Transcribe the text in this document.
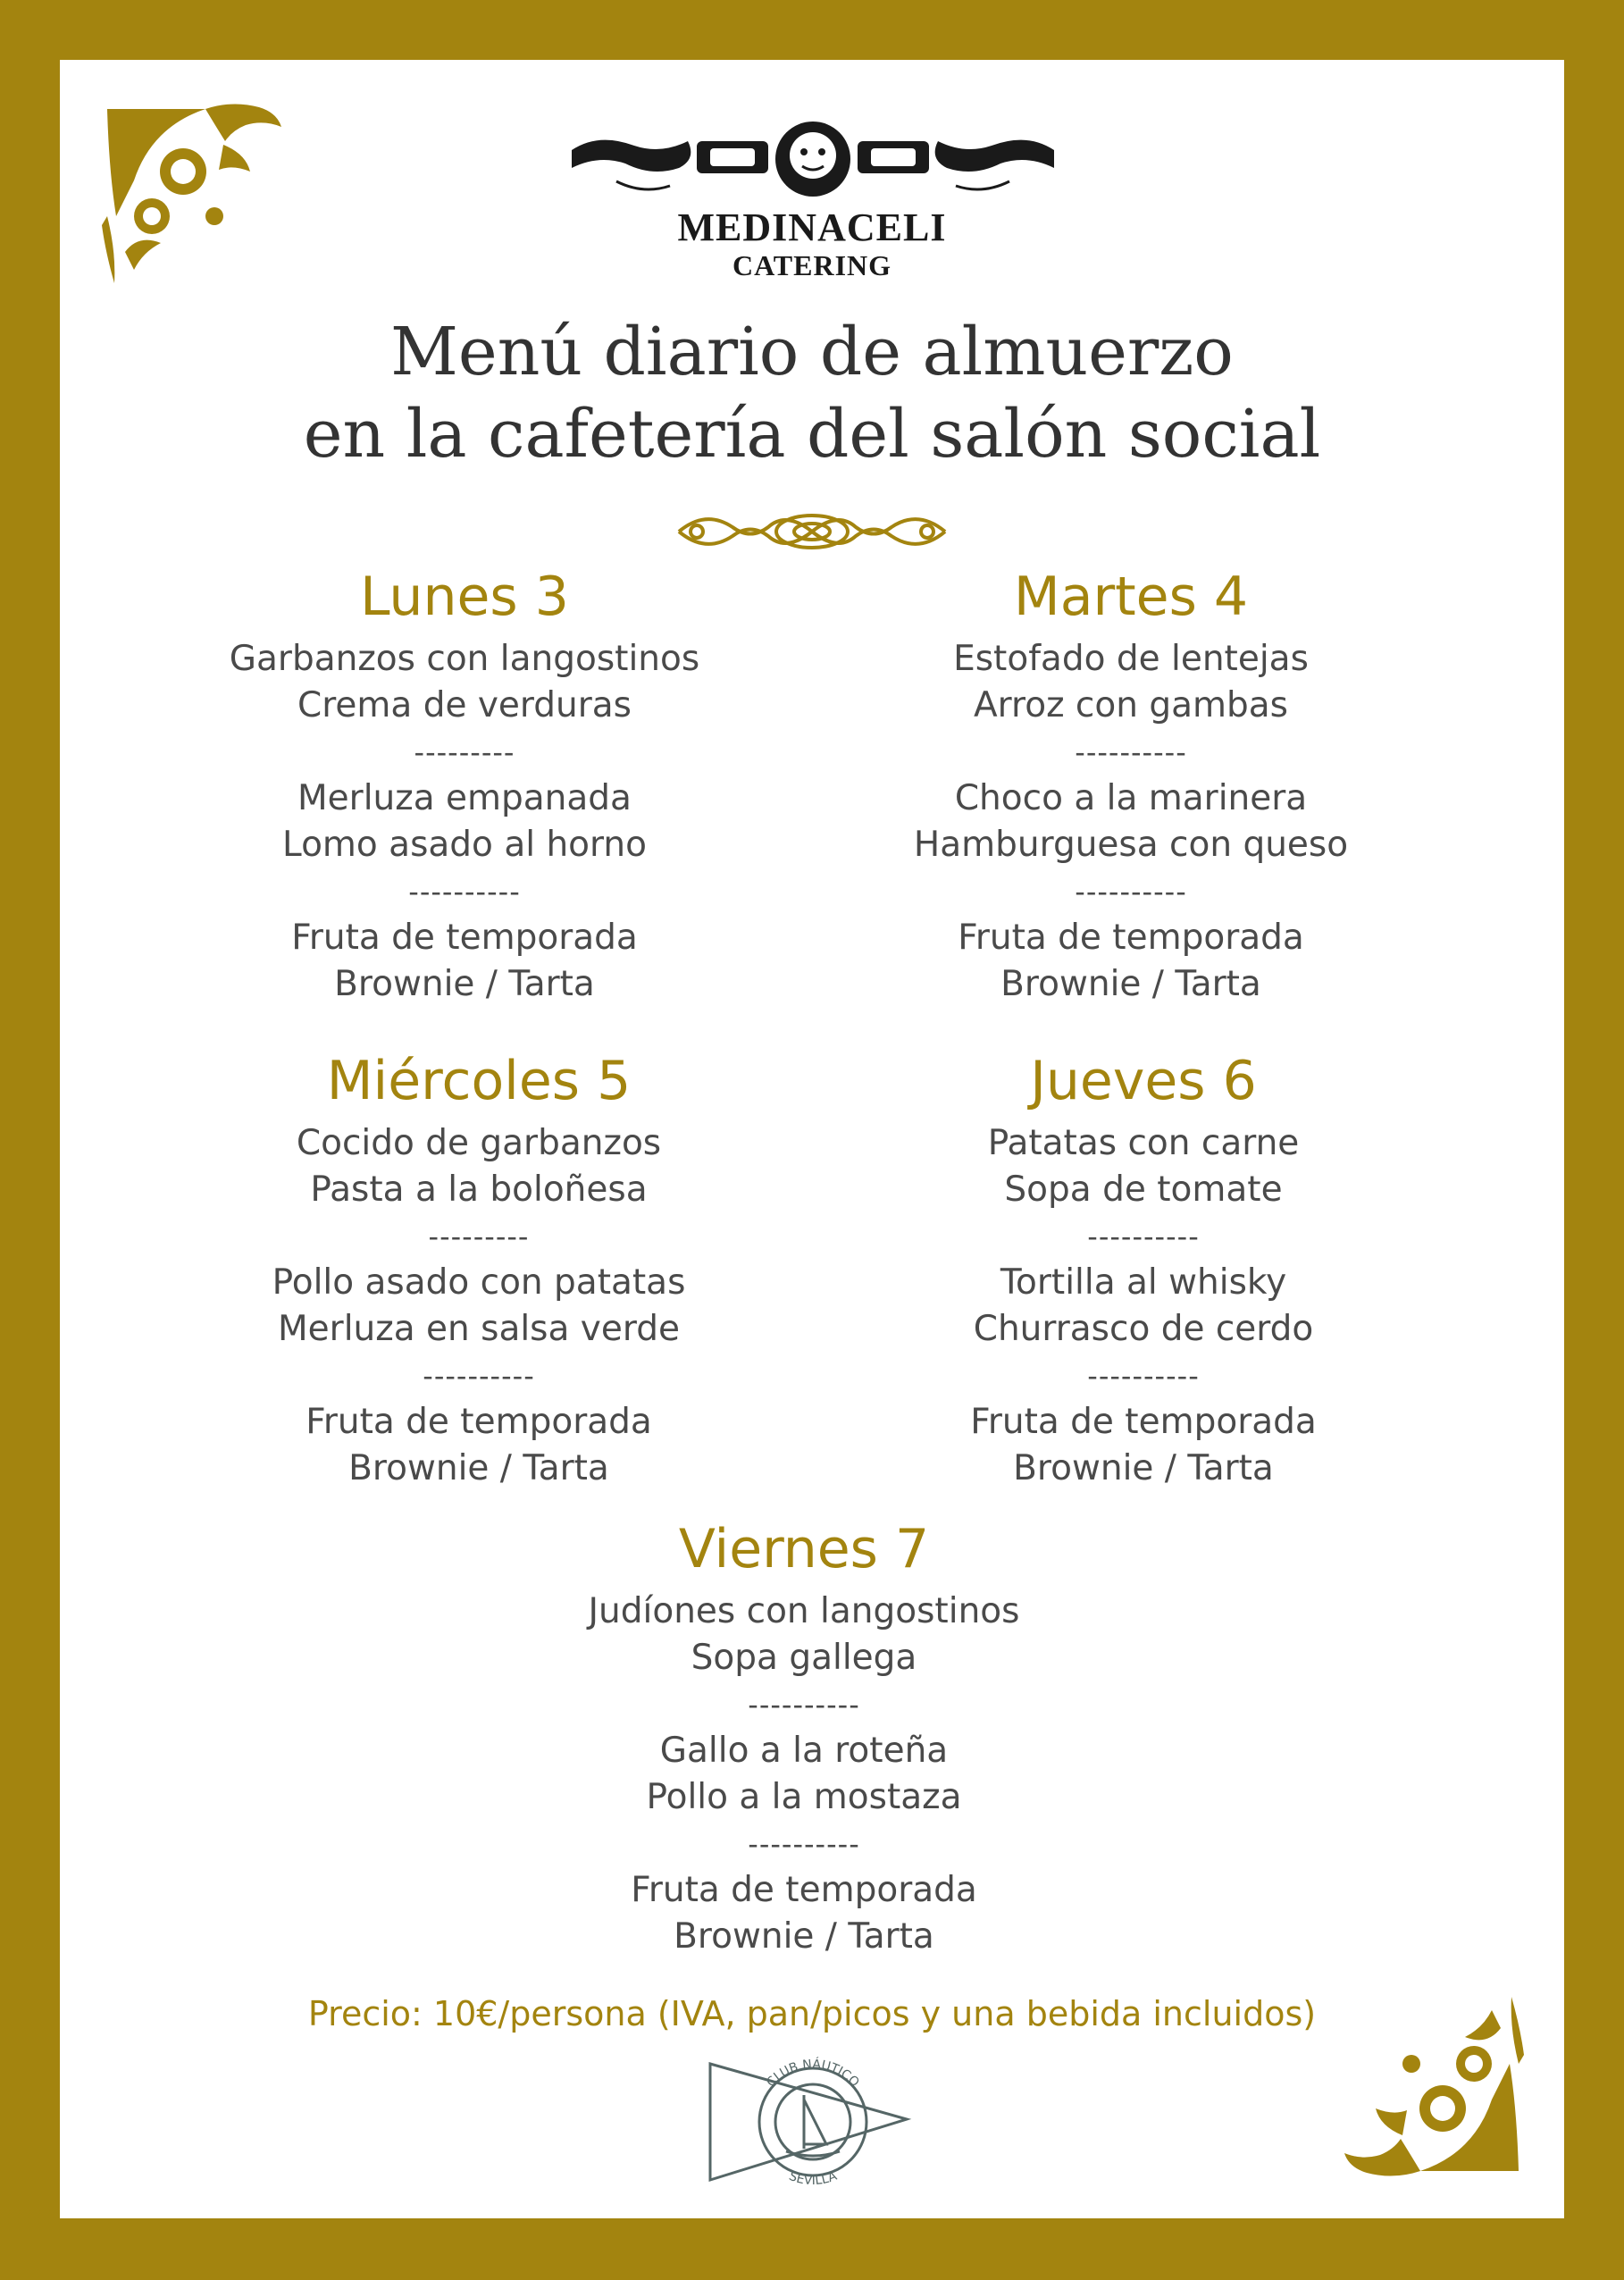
MEDINACELI
CATERING
Menú diario de almuerzo
en la cafetería del salón social
Lunes 3
Garbanzos con langostinos
Crema de verduras
---------
Merluza empanada
Lomo asado al horno
----------
Fruta de temporada
Brownie / Tarta
Martes 4
Estofado de lentejas
Arroz con gambas
----------
Choco a la marinera
Hamburguesa con queso
----------
Fruta de temporada
Brownie / Tarta
Miércoles 5
Cocido de garbanzos
Pasta a la boloñesa
---------
Pollo asado con patatas
Merluza en salsa verde
----------
Fruta de temporada
Brownie / Tarta
Jueves 6
Patatas con carne
Sopa de tomate
----------
Tortilla al whisky
Churrasco de cerdo
----------
Fruta de temporada
Brownie / Tarta
Viernes 7
Judíones con langostinos
Sopa gallega
----------
Gallo a la roteña
Pollo a la mostaza
----------
Fruta de temporada
Brownie / Tarta
Precio: 10€/persona (IVA, pan/picos y una bebida incluidos)
CLUB NÁUTICO
SEVILLA
